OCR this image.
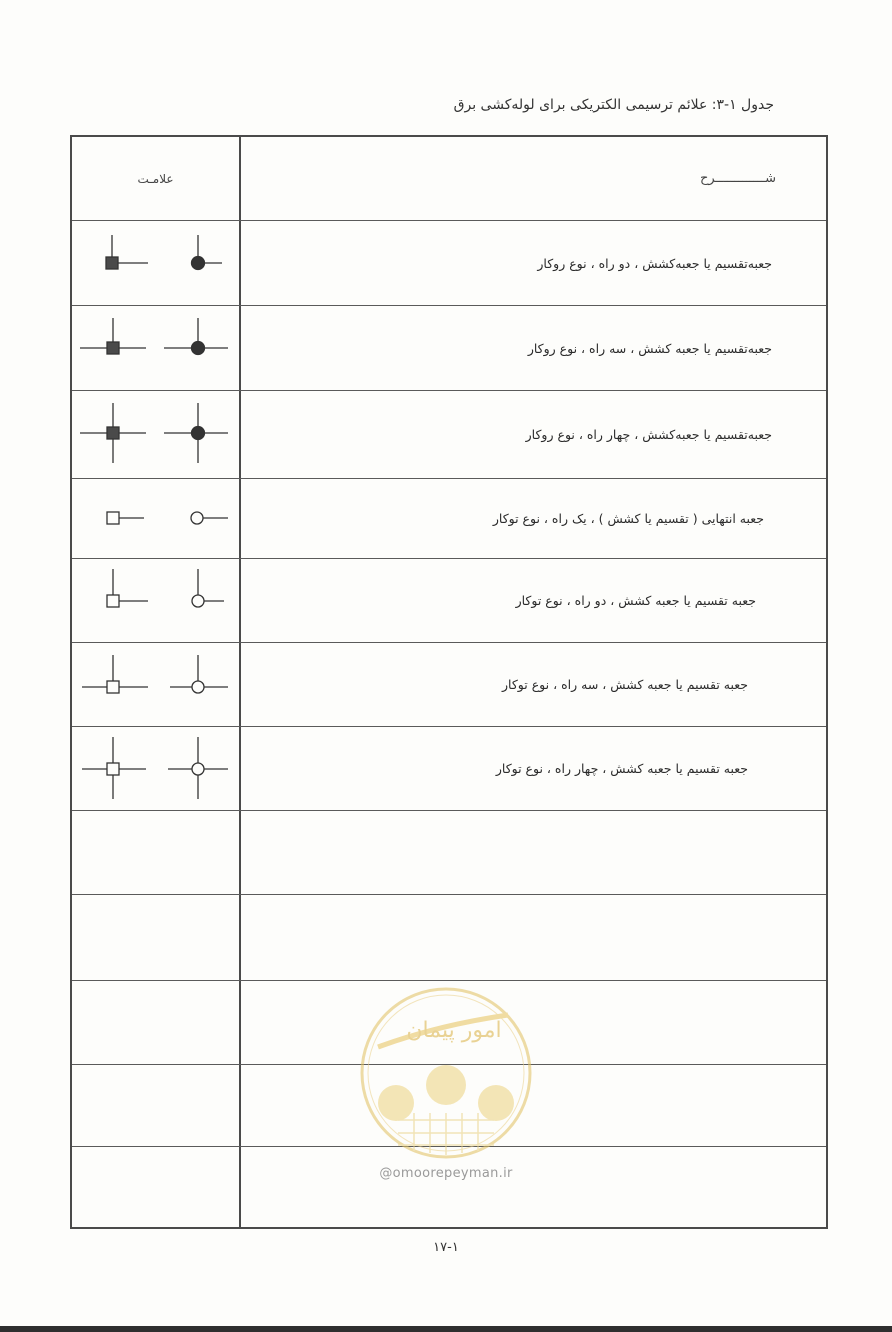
جدول ۱-۳: علائم ترسیمی الکتریکی برای لوله‌کشی برق
شـــــــــــــرح
علامـت
جعبه‌تقسیم یا جعبه‌کشش ، دو راه ، نوع روکار
جعبه‌تقسیم یا جعبه کشش ، سه راه ، نوع روکار
جعبه‌تقسیم یا جعبه‌کشش ، چهار راه ، نوع روکار
جعبه انتهایی ( تقسیم یا کشش ) ، یک راه ، نوع توکار
جعبه تقسیم یا جعبه کشش ، دو راه ، نوع توکار
جعبه تقسیم یا جعبه کشش ، سه راه ، نوع توکار
جعبه تقسیم یا جعبه کشش ، چهار راه ، نوع توکار
امور پیمان
@omoorepeyman.ir
۱۷-۱
